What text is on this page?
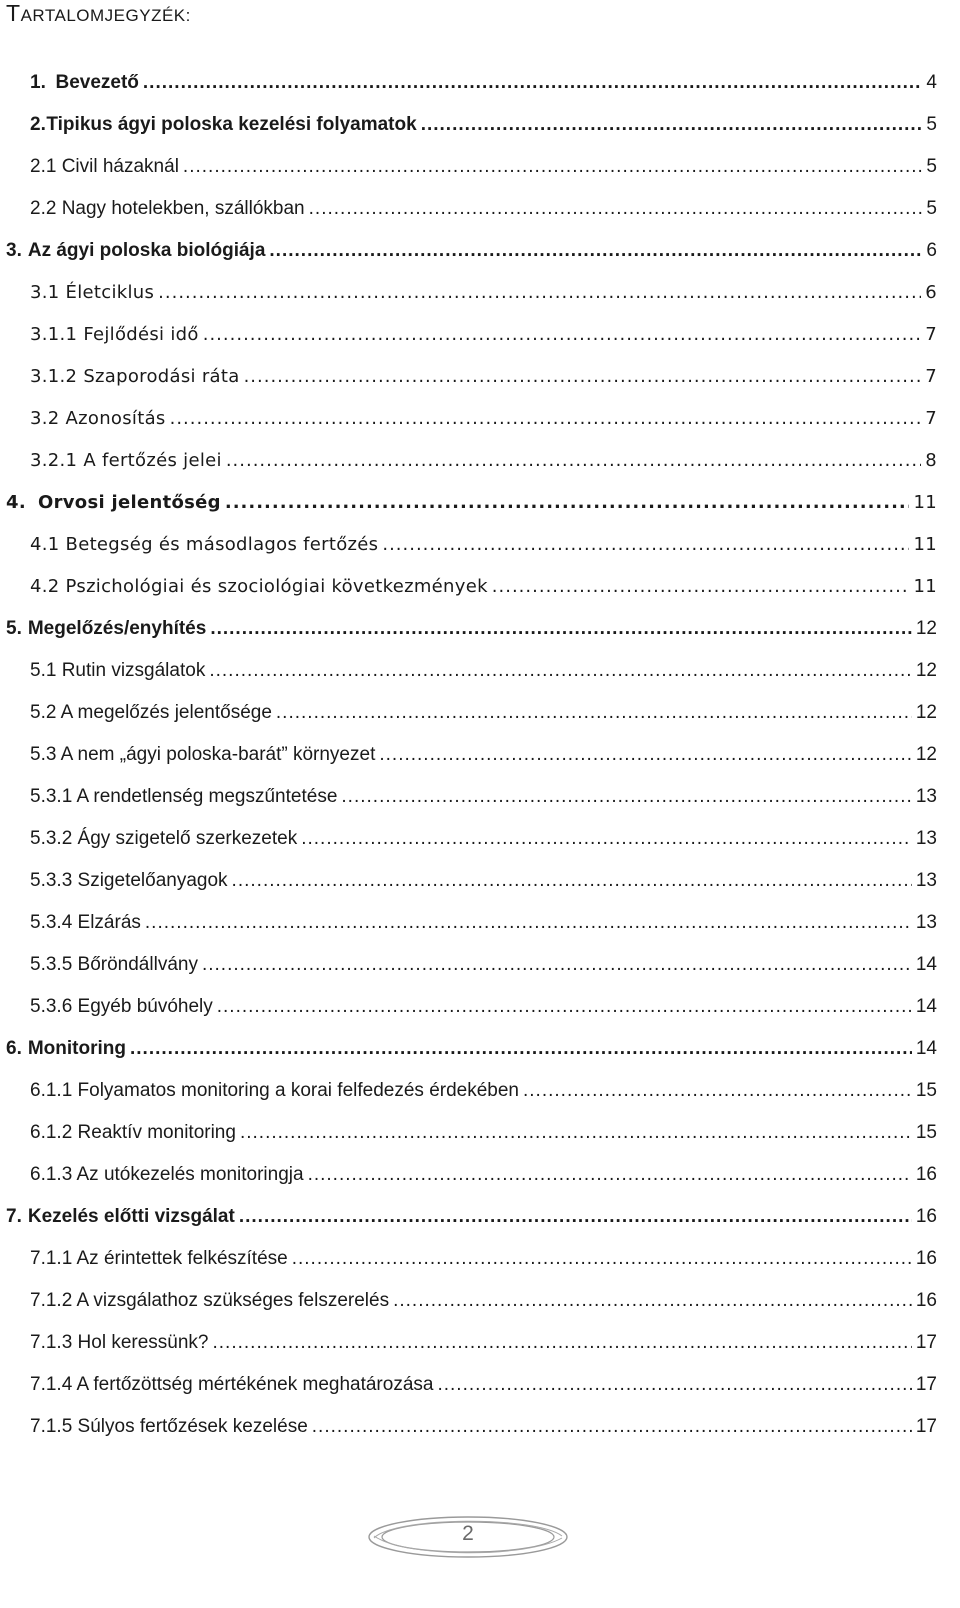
TARTALOMJEGYZÉK:
1. Bevezető .....	4
2. Tipikus ágyi poloska kezelési folyamatok .....	5
2.1 Civil házaknál .....	5
2.2 Nagy hotelekben, szállókban .....	5
3. Az ágyi poloska biológiája .....	6
3.1 Életciklus .....	6
3.1.1 Fejlődési idő .....	7
3.1.2 Szaporodási ráta .....	7
3.2 Azonosítás .....	7
3.2.1 A fertőzés jelei .....	8
4. Orvosi jelentőség .....	11
4.1 Betegség és másodlagos fertőzés .....	11
4.2 Pszichológiai és szociológiai következmények .....	11
5. Megelőzés/enyhítés .....	12
5.1 Rutin vizsgálatok .....	12
5.2 A megelőzés jelentősége .....	12
5.3 A nem „ágyi poloska-barát” környezet .....	12
5.3.1 A rendetlenség megszűntetése .....	13
5.3.2 Ágy szigetelő szerkezetek .....	13
5.3.3 Szigetelőanyagok .....	13
5.3.4 Elzárás .....	13
5.3.5 Bőröndállvány .....	14
5.3.6 Egyéb búvóhely .....	14
6. Monitoring .....	14
6.1.1 Folyamatos monitoring a korai felfedezés érdekében .....	15
6.1.2 Reaktív monitoring .....	15
6.1.3 Az utókezelés monitoringja .....	16
7. Kezelés előtti vizsgálat .....	16
7.1.1 Az érintettek felkészítése .....	16
7.1.2 A vizsgálathoz szükséges felszerelés .....	16
7.1.3 Hol keressünk? .....	17
7.1.4 A fertőzöttség mértékének meghatározása .....	17
7.1.5 Súlyos fertőzések kezelése .....	17
2
